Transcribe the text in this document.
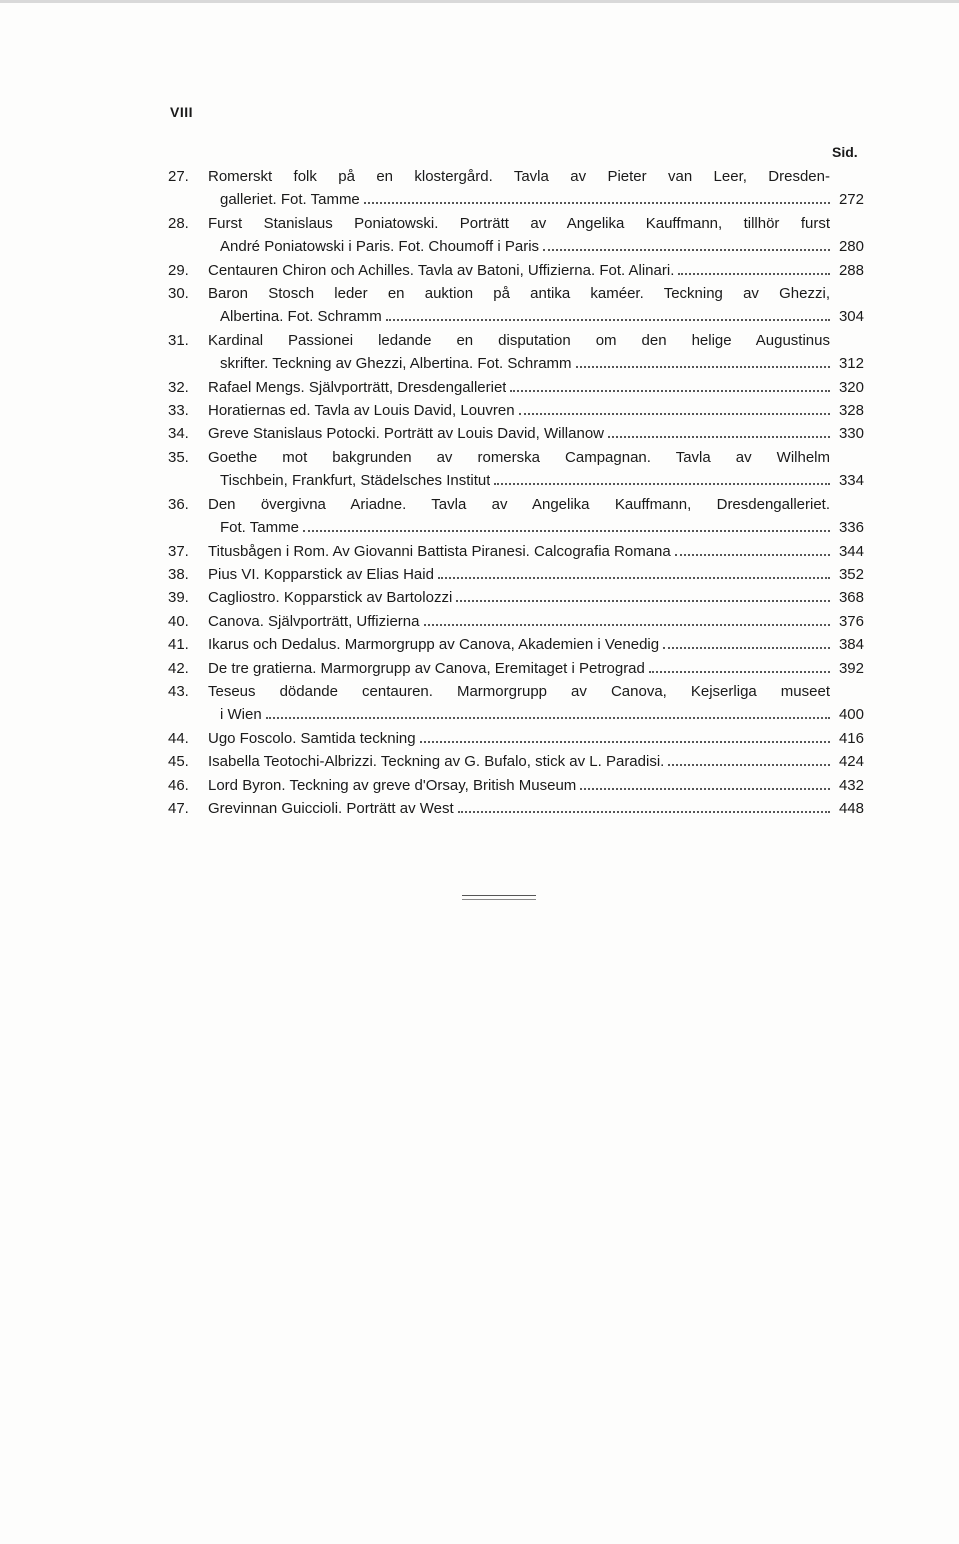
VIII
Sid.
27.	Romerskt folk på en klostergård. Tavla av Pieter van Leer, Dresden-
galleriet. Fot. Tamme	272
28.	Furst Stanislaus Poniatowski. Porträtt av Angelika Kauffmann, tillhör furst
André Poniatowski i Paris. Fot. Choumoff i Paris	280
29.	Centauren Chiron och Achilles. Tavla av Batoni, Uffizierna. Fot. Alinari.	288
30.	Baron Stosch leder en auktion på antika kaméer. Teckning av Ghezzi,
Albertina. Fot. Schramm	304
31.	Kardinal Passionei ledande en disputation om den helige Augustinus
skrifter. Teckning av Ghezzi, Albertina. Fot. Schramm	312
32.	Rafael Mengs. Självporträtt, Dresdengalleriet	320
33.	Horatiernas ed. Tavla av Louis David, Louvren	328
34.	Greve Stanislaus Potocki. Porträtt av Louis David, Willanow	330
35.	Goethe mot bakgrunden av romerska Campagnan. Tavla av Wilhelm
Tischbein, Frankfurt, Städelsches Institut	334
36.	Den övergivna Ariadne. Tavla av Angelika Kauffmann, Dresdengalleriet.
Fot. Tamme	336
37.	Titusbågen i Rom. Av Giovanni Battista Piranesi. Calcografia Romana	344
38.	Pius VI. Kopparstick av Elias Haid	352
39.	Cagliostro. Kopparstick av Bartolozzi	368
40.	Canova. Självporträtt, Uffizierna	376
41.	Ikarus och Dedalus. Marmorgrupp av Canova, Akademien i Venedig	384
42.	De tre gratierna. Marmorgrupp av Canova, Eremitaget i Petrograd	392
43.	Teseus dödande centauren. Marmorgrupp av Canova, Kejserliga museet
i Wien	400
44.	Ugo Foscolo. Samtida teckning	416
45.	Isabella Teotochi-Albrizzi. Teckning av G. Bufalo, stick av L. Paradisi.	424
46.	Lord Byron. Teckning av greve d'Orsay, British Museum	432
47.	Grevinnan Guiccioli. Porträtt av West	448
